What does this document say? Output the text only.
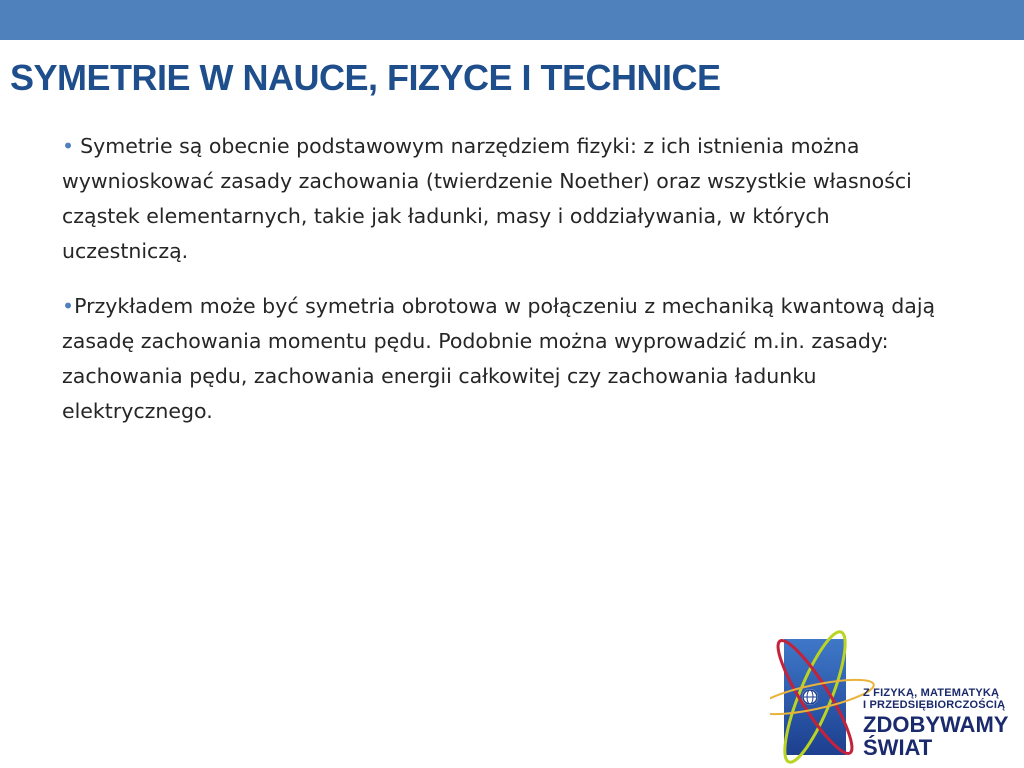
SYMETRIE W NAUCE, FIZYCE I TECHNICE

• Symetrie są obecnie podstawowym narzędziem fizyki: z ich istnienia można wywnioskować zasady zachowania (twierdzenie Noether) oraz wszystkie własności cząstek elementarnych, takie jak ładunki, masy i oddziaływania, w których uczestniczą.

•Przykładem może być symetria obrotowa w połączeniu z mechaniką kwantową dają zasadę zachowania momentu pędu. Podobnie można wyprowadzić m.in. zasady: zachowania pędu, zachowania energii całkowitej czy zachowania ładunku elektrycznego.

Z FIZYKĄ, MATEMATYKĄ
I PRZEDSIĘBIORCZOŚCIĄ
ZDOBYWAMY
ŚWIAT
